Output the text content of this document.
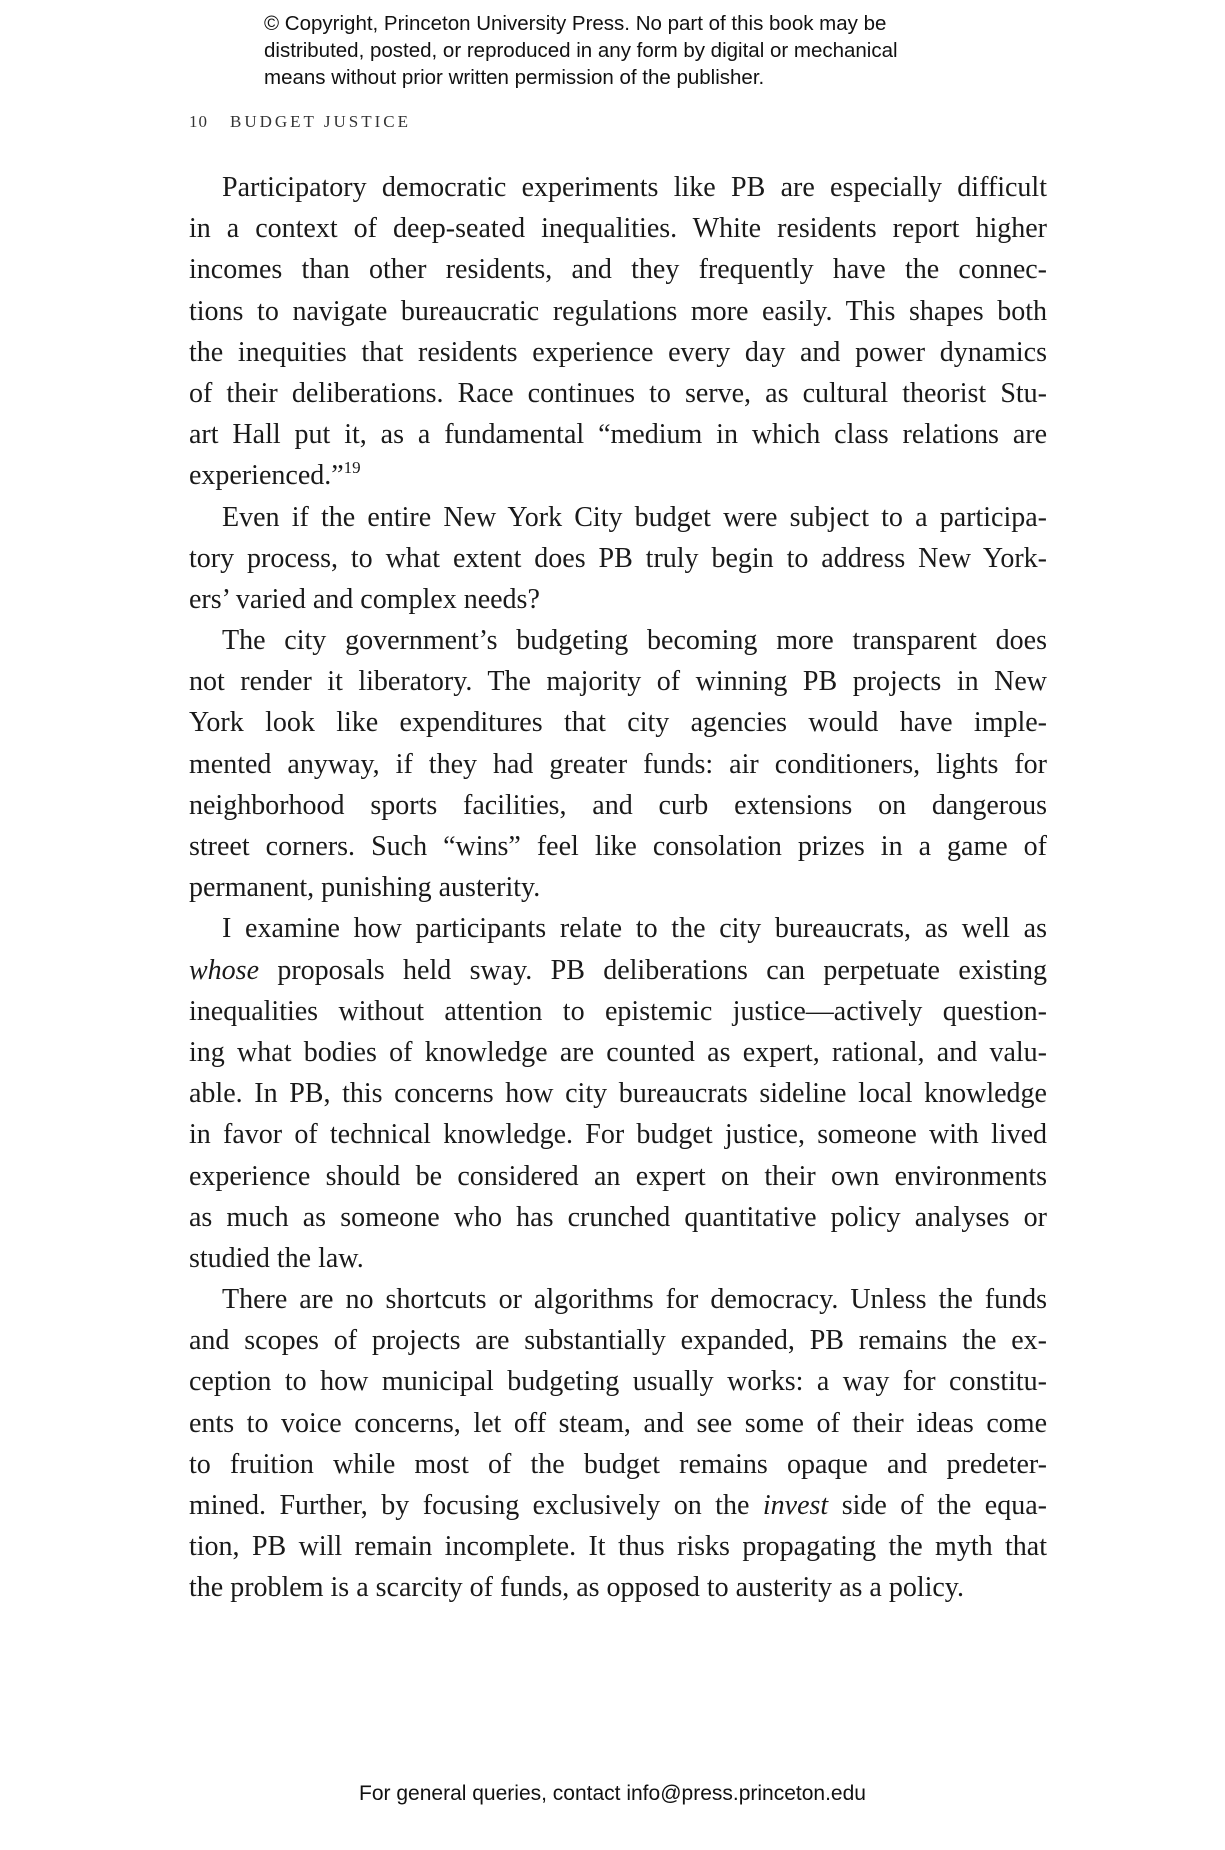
© Copyright, Princeton University Press. No part of this book may be
distributed, posted, or reproduced in any form by digital or mechanical
means without prior written permission of the publisher.
10 BUDGET JUSTICE
Participatory democratic experiments like PB are especially difficult
in a context of deep-seated inequalities. White residents report higher
incomes than other residents, and they frequently have the connec-
tions to navigate bureaucratic regulations more easily. This shapes both
the inequities that residents experience every day and power dynamics
of their deliberations. Race continues to serve, as cultural theorist Stu-
art Hall put it, as a fundamental “medium in which class relations are
experienced.”$^{19}$
Even if the entire New York City budget were subject to a participa-
tory process, to what extent does PB truly begin to address New York-
ers’ varied and complex needs?
The city government’s budgeting becoming more transparent does
not render it liberatory. The majority of winning PB projects in New
York look like expenditures that city agencies would have imple-
mented anyway, if they had greater funds: air conditioners, lights for
neighborhood sports facilities, and curb extensions on dangerous
street corners. Such “wins” feel like consolation prizes in a game of
permanent, punishing austerity.
I examine how participants relate to the city bureaucrats, as well as
whose proposals held sway. PB deliberations can perpetuate existing
inequalities without attention to epistemic justice—actively question-
ing what bodies of knowledge are counted as expert, rational, and valu-
able. In PB, this concerns how city bureaucrats sideline local knowledge
in favor of technical knowledge. For budget justice, someone with lived
experience should be considered an expert on their own environments
as much as someone who has crunched quantitative policy analyses or
studied the law.
There are no shortcuts or algorithms for democracy. Unless the funds
and scopes of projects are substantially expanded, PB remains the ex-
ception to how municipal budgeting usually works: a way for constitu-
ents to voice concerns, let off steam, and see some of their ideas come
to fruition while most of the budget remains opaque and predeter-
mined. Further, by focusing exclusively on the invest side of the equa-
tion, PB will remain incomplete. It thus risks propagating the myth that
the problem is a scarcity of funds, as opposed to austerity as a policy.
For general queries, contact info@press.princeton.edu
